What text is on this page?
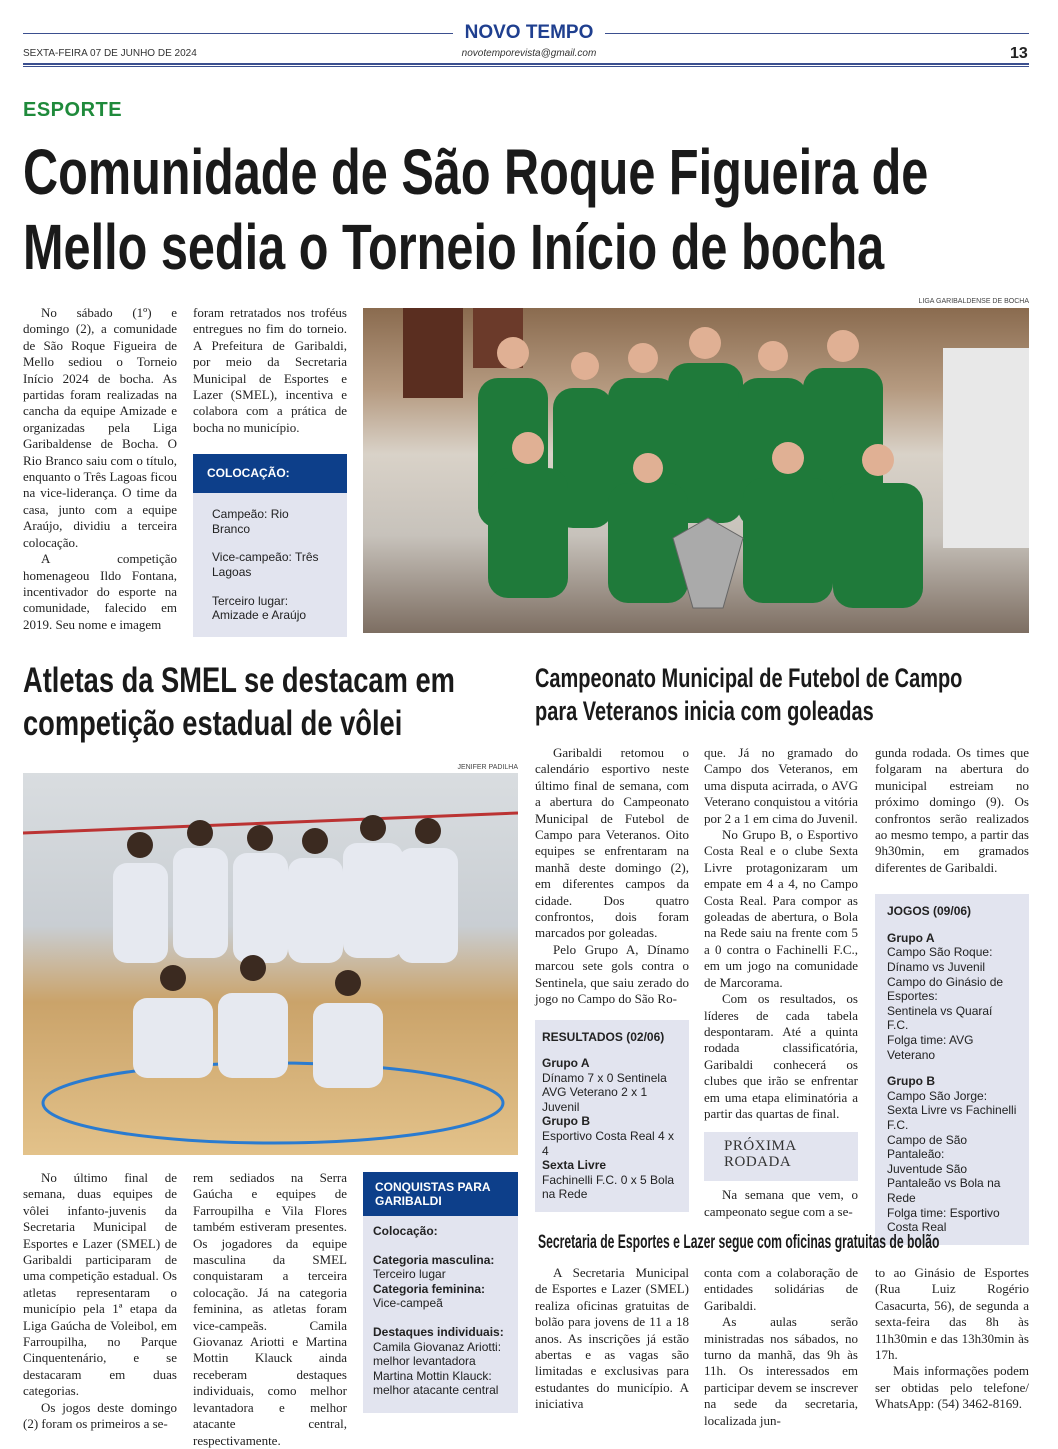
NOVO TEMPO
SEXTA-FEIRA 07 DE JUNHO DE 2024	novotemporevista@gmail.com	13
ESPORTE
Comunidade de São Roque Figueira de
Mello sedia o Torneio Início de bocha

No sábado (1º) e domingo (2), a comunidade de São Roque Figueira de Mello sediou o Torneio Início 2024 de bocha. As partidas foram realizadas na cancha da equipe Amizade e organizadas pela Liga Garibaldense de Bocha. O Rio Branco saiu com o título, enquanto o Três Lagoas ficou na vice-liderança. O time da casa, junto com a equipe Araújo, dividiu a terceira colocação.

A competição homenageou Ildo Fontana, incentivador do esporte na comunidade, falecido em 2019. Seu nome e imagem

foram retratados nos troféus entregues no fim do torneio. A Prefeitura de Garibaldi, por meio da Secretaria Municipal de Esportes e Lazer (SMEL), incentiva e colabora com a prática de bocha no município.

COLOCAÇÃO:
Campeão: Rio Branco
Vice-campeão: Três Lagoas
Terceiro lugar: Amizade e Araújo
LIGA GARIBALDENSE DE BOCHA
Atletas da SMEL se destacam em
competição estadual de vôlei
JENIFER PADILHA

No último final de semana, duas equipes de vôlei infanto-juvenis da Secretaria Municipal de Esportes e Lazer (SMEL) de Garibaldi participaram de uma competição estadual. Os atletas representaram o município pela 1ª etapa da Liga Gaúcha de Voleibol, em Farroupilha, no Parque Cinquentenário, e se destacaram em duas categorias.

Os jogos deste domingo (2) foram os primeiros a se-

rem sediados na Serra Gaúcha e equipes de Farroupilha e Vila Flores também estiveram presentes. Os jogadores da equipe masculina da SMEL conquistaram a terceira colocação. Já na categoria feminina, as atletas foram vice-campeãs. Camila Giovanaz Ariotti e Martina Mottin Klauck ainda receberam destaques individuais, como melhor levantadora e melhor atacante central, respectivamente.

CONQUISTAS PARA GARIBALDI
Colocação:
Categoria masculina:
Terceiro lugar
Categoria feminina:
Vice-campeã
Destaques individuais:
Camila Giovanaz Ariotti: melhor levantadora
Martina Mottin Klauck: melhor atacante central
Campeonato Municipal de Futebol de Campo
para Veteranos inicia com goleadas

Garibaldi retomou o calendário esportivo neste último final de semana, com a abertura do Campeonato Municipal de Futebol de Campo para Veteranos. Oito equipes se enfrentaram na manhã deste domingo (2), em diferentes campos da cidade. Dos quatro confrontos, dois foram marcados por goleadas.

Pelo Grupo A, Dínamo marcou sete gols contra o Sentinela, que saiu zerado do jogo no Campo do São Ro-

RESULTADOS (02/06)
Grupo A
Dínamo 7 x 0 Sentinela
AVG Veterano 2 x 1 Juvenil
Grupo B
Esportivo Costa Real 4 x 4
Sexta Livre
Fachinelli F.C. 0 x 5 Bola na Rede

que. Já no gramado do Campo dos Veteranos, em uma disputa acirrada, o AVG Veterano conquistou a vitória por 2 a 1 em cima do Juvenil.

No Grupo B, o Esportivo Costa Real e o clube Sexta Livre protagonizaram um empate em 4 a 4, no Campo Costa Real. Para compor as goleadas de abertura, o Bola na Rede saiu na frente com 5 a 0 contra o Fachinelli F.C., em um jogo na comunidade de Marcorama.

Com os resultados, os líderes de cada tabela despontaram. Até a quinta rodada classificatória, Garibaldi conhecerá os clubes que irão se enfrentar em uma etapa eliminatória a partir das quartas de final.

PRÓXIMA RODADA

Na semana que vem, o campeonato segue com a se-

gunda rodada. Os times que folgaram na abertura do municipal estreiam no próximo domingo (9). Os confrontos serão realizados ao mesmo tempo, a partir das 9h30min, em gramados diferentes de Garibaldi.

JOGOS (09/06)
Grupo A
Campo São Roque:
Dínamo vs Juvenil
Campo do Ginásio de Esportes:
Sentinela vs Quaraí F.C.
Folga time: AVG Veterano
Grupo B
Campo São Jorge:
Sexta Livre vs Fachinelli F.C.
Campo de São Pantaleão:
Juventude São Pantaleão vs Bola na Rede
Folga time: Esportivo Costa Real
Secretaria de Esportes e Lazer segue com oficinas gratuitas de bolão

A Secretaria Municipal de Esportes e Lazer (SMEL) realiza oficinas gratuitas de bolão para jovens de 11 a 18 anos. As inscrições já estão abertas e as vagas são limitadas e exclusivas para estudantes do município. A iniciativa

conta com a colaboração de entidades solidárias de Garibaldi.

As aulas serão ministradas nos sábados, no turno da manhã, das 9h às 11h. Os interessados em participar devem se inscrever na sede da secretaria, localizada jun-

to ao Ginásio de Esportes (Rua Luiz Rogério Casacurta, 56), de segunda a sexta-feira das 8h às 11h30min e das 13h30min às 17h.

Mais informações podem ser obtidas pelo telefone/ WhatsApp: (54) 3462-8169.
